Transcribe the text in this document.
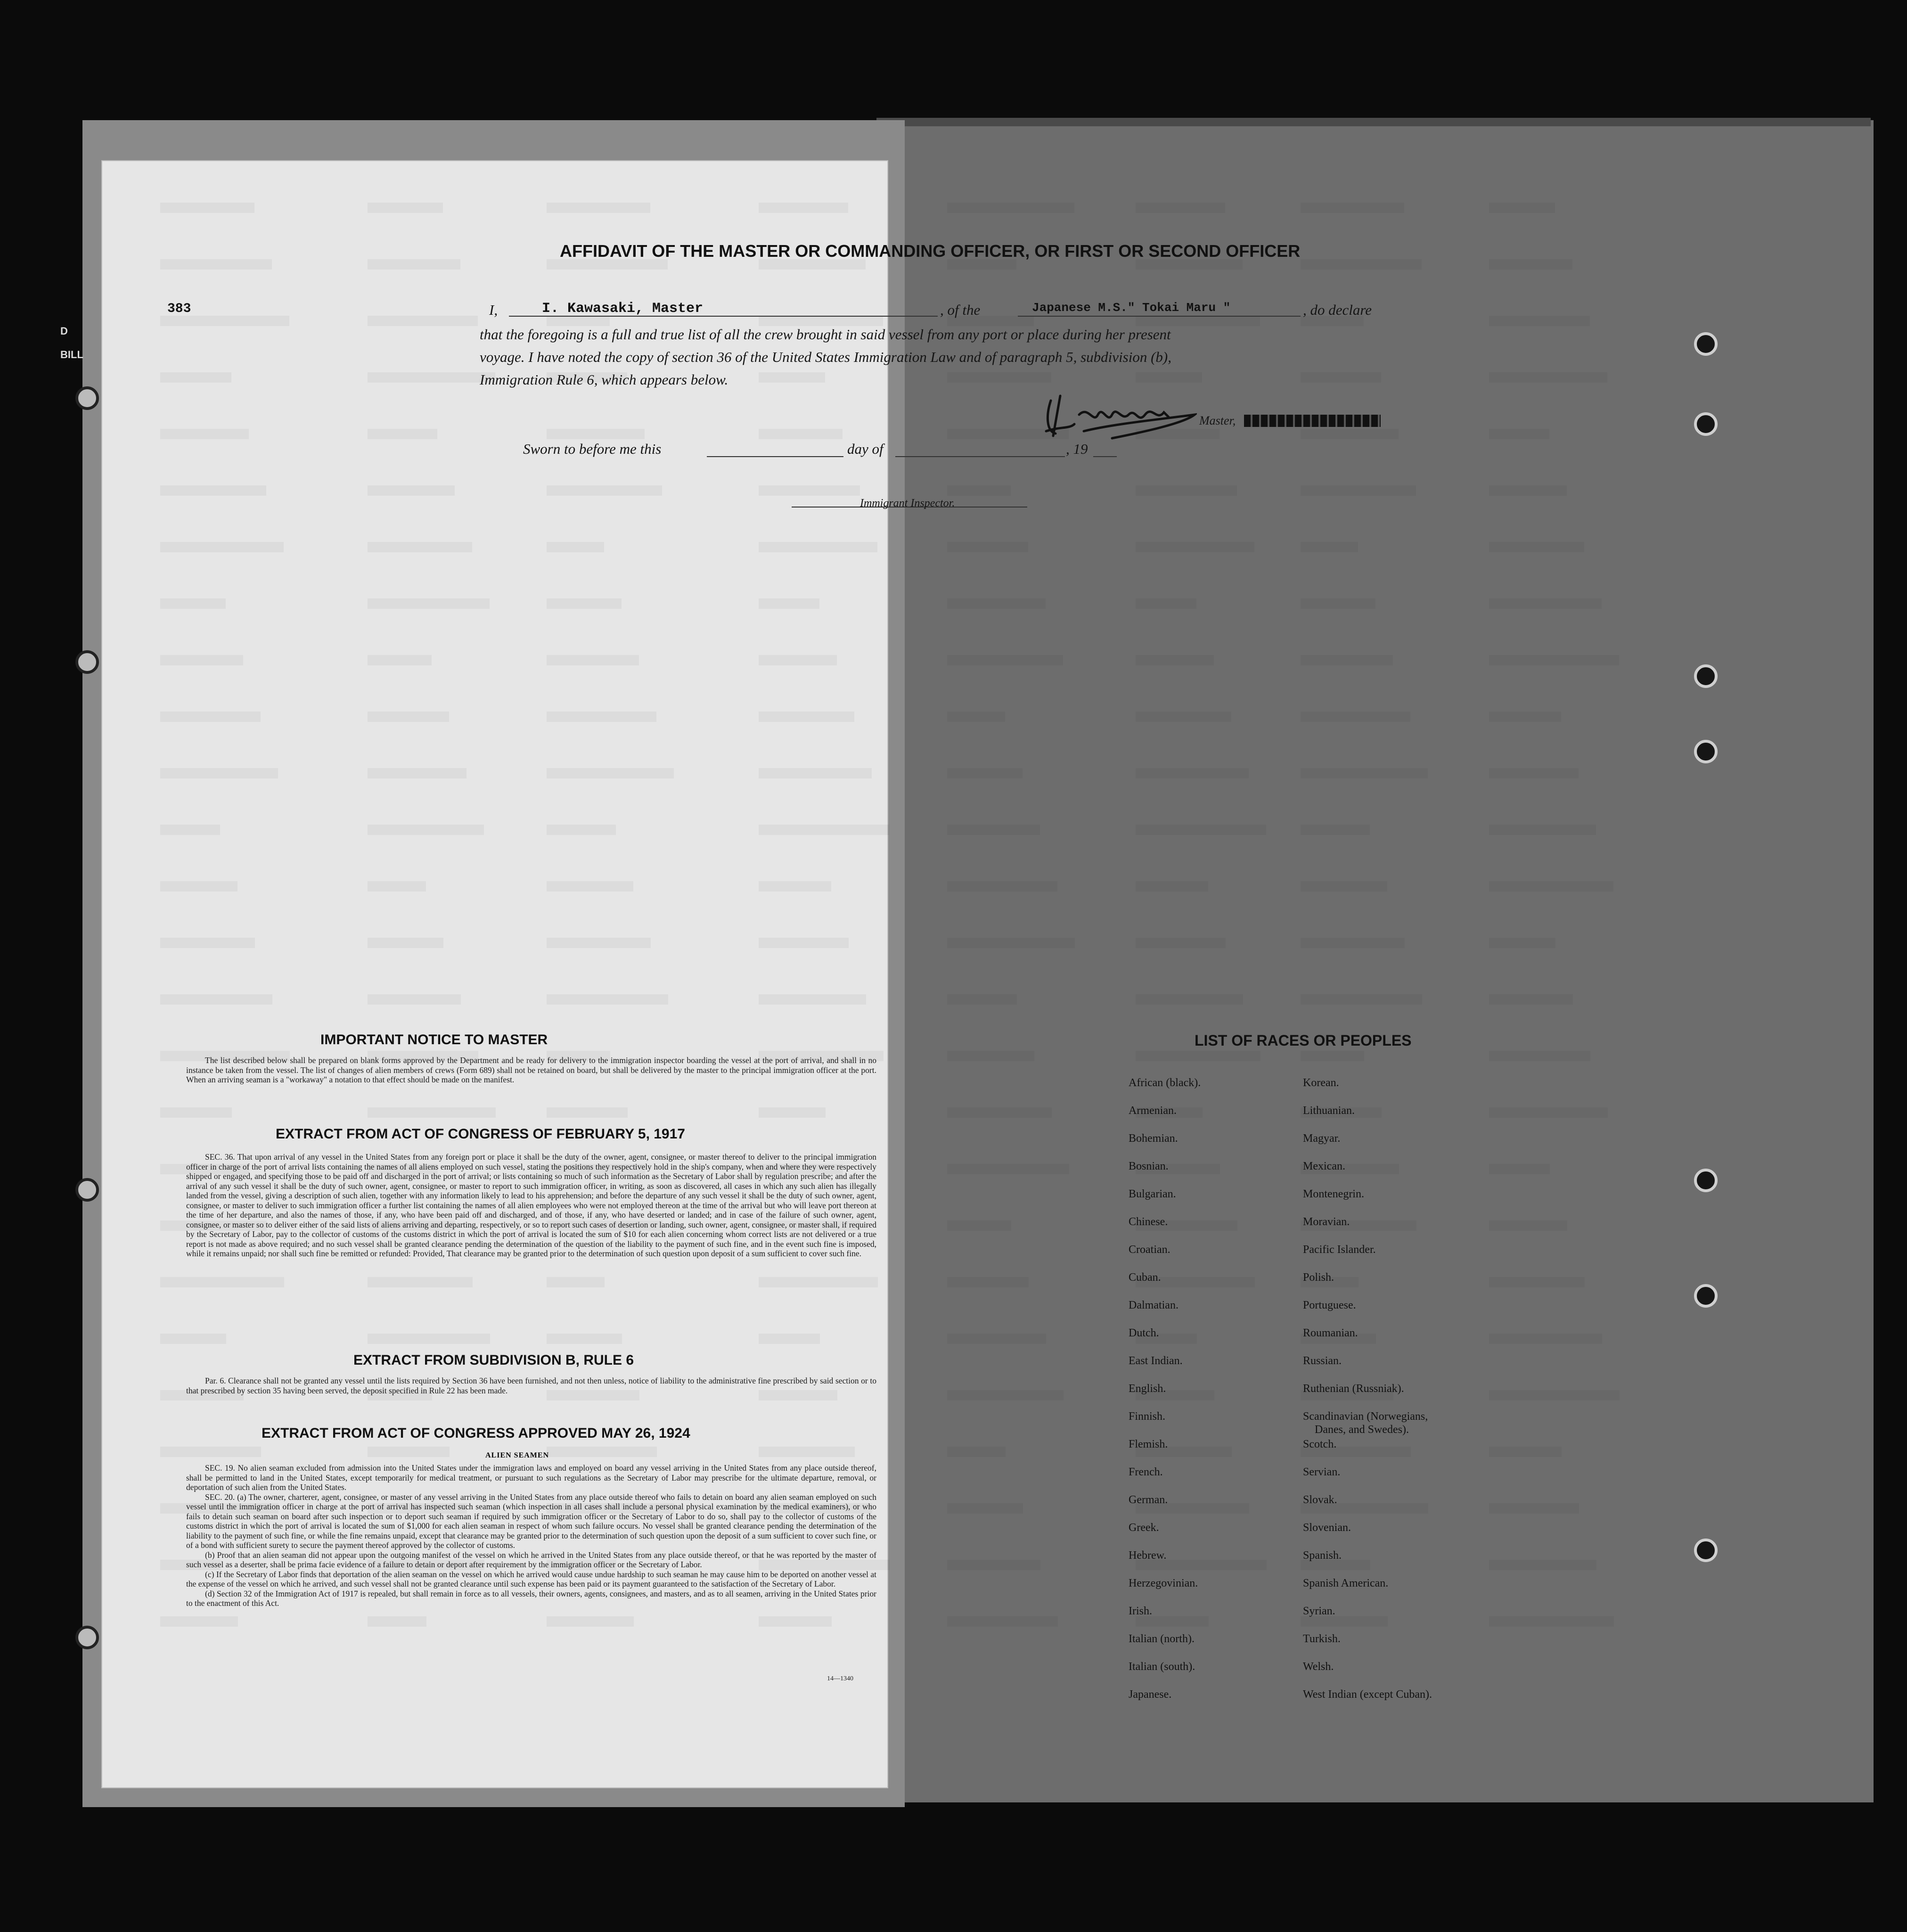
D
BILL
AFFIDAVIT OF THE MASTER OR COMMANDING OFFICER, OR FIRST OR SECOND OFFICER
383	I,	I. Kawasaki, Master	, of the	Japanese M.S." Tokai Maru "	, do declare
that the foregoing is a full and true list of all the crew brought in said vessel from any port or place during her present
voyage. I have noted the copy of section 36 of the United States Immigration Law and of paragraph 5, subdivision (b),
Immigration Rule 6, which appears below.
Master,
Sworn to before me this	day of	, 19
Immigrant Inspector.
IMPORTANT NOTICE TO MASTER

The list described below shall be prepared on blank forms approved by the Department and be ready for delivery to the immigration inspector boarding the vessel at the port of arrival, and shall in no instance be taken from the vessel. The list of changes of alien members of crews (Form 689) shall not be retained on board, but shall be delivered by the master to the principal immigration officer at the port. When an arriving seaman is a "workaway" a notation to that effect should be made on the manifest.

EXTRACT FROM ACT OF CONGRESS OF FEBRUARY 5, 1917

SEC. 36. That upon arrival of any vessel in the United States from any foreign port or place it shall be the duty of the owner, agent, consignee, or master thereof to deliver to the principal immigration officer in charge of the port of arrival lists containing the names of all aliens employed on such vessel, stating the positions they respectively hold in the ship's company, when and where they were respectively shipped or engaged, and specifying those to be paid off and discharged in the port of arrival; or lists containing so much of such information as the Secretary of Labor shall by regulation prescribe; and after the arrival of any such vessel it shall be the duty of such owner, agent, consignee, or master to report to such immigration officer, in writing, as soon as discovered, all cases in which any such alien has illegally landed from the vessel, giving a description of such alien, together with any information likely to lead to his apprehension; and before the departure of any such vessel it shall be the duty of such owner, agent, consignee, or master to deliver to such immigration officer a further list containing the names of all alien employees who were not employed thereon at the time of the arrival but who will leave port thereon at the time of her departure, and also the names of those, if any, who have been paid off and discharged, and of those, if any, who have deserted or landed; and in case of the failure of such owner, agent, consignee, or master so to deliver either of the said lists of aliens arriving and departing, respectively, or so to report such cases of desertion or landing, such owner, agent, consignee, or master shall, if required by the Secretary of Labor, pay to the collector of customs of the customs district in which the port of arrival is located the sum of $10 for each alien concerning whom correct lists are not delivered or a true report is not made as above required; and no such vessel shall be granted clearance pending the determination of the question of the liability to the payment of such fine, and in the event such fine is imposed, while it remains unpaid; nor shall such fine be remitted or refunded: Provided, That clearance may be granted prior to the determination of such question upon deposit of a sum sufficient to cover such fine.

EXTRACT FROM SUBDIVISION B, RULE 6

Par. 6. Clearance shall not be granted any vessel until the lists required by Section 36 have been furnished, and not then unless, notice of liability to the administrative fine prescribed by said section or to that prescribed by section 35 having been served, the deposit specified in Rule 22 has been made.

EXTRACT FROM ACT OF CONGRESS APPROVED MAY 26, 1924
ALIEN SEAMEN

SEC. 19. No alien seaman excluded from admission into the United States under the immigration laws and employed on board any vessel arriving in the United States from any place outside thereof, shall be permitted to land in the United States, except temporarily for medical treatment, or pursuant to such regulations as the Secretary of Labor may prescribe for the ultimate departure, removal, or deportation of such alien from the United States.

SEC. 20. (a) The owner, charterer, agent, consignee, or master of any vessel arriving in the United States from any place outside thereof who fails to detain on board any alien seaman employed on such vessel until the immigration officer in charge at the port of arrival has inspected such seaman (which inspection in all cases shall include a personal physical examination by the medical examiners), or who fails to detain such seaman on board after such inspection or to deport such seaman if required by such immigration officer or the Secretary of Labor to do so, shall pay to the collector of customs of the customs district in which the port of arrival is located the sum of $1,000 for each alien seaman in respect of whom such failure occurs. No vessel shall be granted clearance pending the determination of the liability to the payment of such fine, or while the fine remains unpaid, except that clearance may be granted prior to the determination of such question upon the deposit of a sum sufficient to cover such fine, or of a bond with sufficient surety to secure the payment thereof approved by the collector of customs.

(b) Proof that an alien seaman did not appear upon the outgoing manifest of the vessel on which he arrived in the United States from any place outside thereof, or that he was reported by the master of such vessel as a deserter, shall be prima facie evidence of a failure to detain or deport after requirement by the immigration officer or the Secretary of Labor.

(c) If the Secretary of Labor finds that deportation of the alien seaman on the vessel on which he arrived would cause undue hardship to such seaman he may cause him to be deported on another vessel at the expense of the vessel on which he arrived, and such vessel shall not be granted clearance until such expense has been paid or its payment guaranteed to the satisfaction of the Secretary of Labor.

(d) Section 32 of the Immigration Act of 1917 is repealed, but shall remain in force as to all vessels, their owners, agents, consignees, and masters, and as to all seamen, arriving in the United States prior to the enactment of this Act.

14—1340
LIST OF RACES OR PEOPLES
African (black).
Armenian.
Bohemian.
Bosnian.
Bulgarian.
Chinese.
Croatian.
Cuban.
Dalmatian.
Dutch.
East Indian.
English.
Finnish.
Flemish.
French.
German.
Greek.
Hebrew.
Herzegovinian.
Irish.
Italian (north).
Italian (south).
Japanese.
Korean.
Lithuanian.
Magyar.
Mexican.
Montenegrin.
Moravian.
Pacific Islander.
Polish.
Portuguese.
Roumanian.
Russian.
Ruthenian (Russniak).
Scandinavian (Norwegians,
Danes, and Swedes).
Scotch.
Servian.
Slovak.
Slovenian.
Spanish.
Spanish American.
Syrian.
Turkish.
Welsh.
West Indian (except Cuban).
